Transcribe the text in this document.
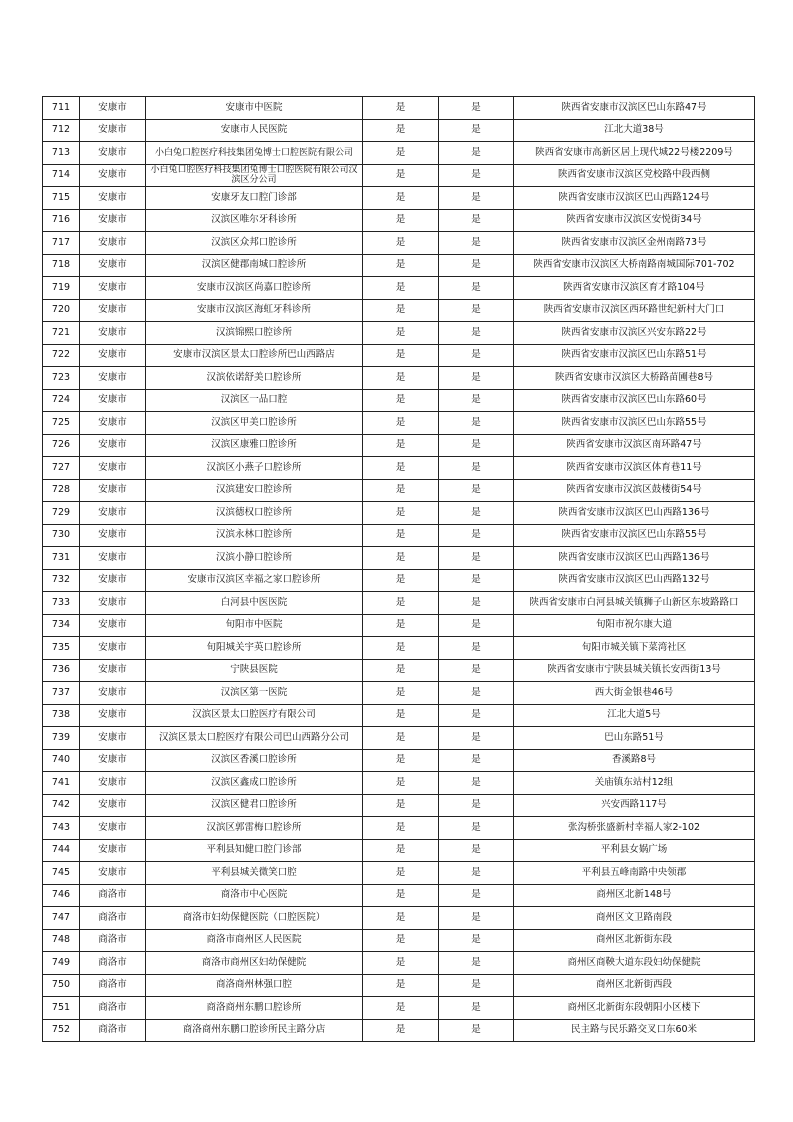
711	安康市	安康市中医院	是	是	陕西省安康市汉滨区巴山东路47号
712	安康市	安康市人民医院	是	是	江北大道38号
713	安康市	小白兔口腔医疗科技集团兔博士口腔医院有限公司	是	是	陕西省安康市高新区居上现代城22号楼2209号
714	安康市	小白兔口腔医疗科技集团兔博士口腔医院有限公司汉滨区分公司	是	是	陕西省安康市汉滨区党校路中段西侧
715	安康市	安康牙友口腔门诊部	是	是	陕西省安康市汉滨区巴山西路124号
716	安康市	汉滨区唯尔牙科诊所	是	是	陕西省安康市汉滨区安悦街34号
717	安康市	汉滨区众邦口腔诊所	是	是	陕西省安康市汉滨区金州南路73号
718	安康市	汉滨区健郡南城口腔诊所	是	是	陕西省安康市汉滨区大桥南路南城国际701-702
719	安康市	安康市汉滨区尚嘉口腔诊所	是	是	陕西省安康市汉滨区育才路104号
720	安康市	安康市汉滨区海虹牙科诊所	是	是	陕西省安康市汉滨区西环路世纪新村大门口
721	安康市	汉滨锦熙口腔诊所	是	是	陕西省安康市汉滨区兴安东路22号
722	安康市	安康市汉滨区景太口腔诊所巴山西路店	是	是	陕西省安康市汉滨区巴山东路51号
723	安康市	汉滨依诺舒美口腔诊所	是	是	陕西省安康市汉滨区大桥路苗圃巷8号
724	安康市	汉滨区一品口腔	是	是	陕西省安康市汉滨区巴山东路60号
725	安康市	汉滨区甲美口腔诊所	是	是	陕西省安康市汉滨区巴山东路55号
726	安康市	汉滨区康雅口腔诊所	是	是	陕西省安康市汉滨区南环路47号
727	安康市	汉滨区小燕子口腔诊所	是	是	陕西省安康市汉滨区体育巷11号
728	安康市	汉滨建安口腔诊所	是	是	陕西省安康市汉滨区鼓楼街54号
729	安康市	汉滨德权口腔诊所	是	是	陕西省安康市汉滨区巴山西路136号
730	安康市	汉滨永林口腔诊所	是	是	陕西省安康市汉滨区巴山东路55号
731	安康市	汉滨小静口腔诊所	是	是	陕西省安康市汉滨区巴山西路136号
732	安康市	安康市汉滨区幸福之家口腔诊所	是	是	陕西省安康市汉滨区巴山西路132号
733	安康市	白河县中医医院	是	是	陕西省安康市白河县城关镇狮子山新区东坡路路口
734	安康市	旬阳市中医院	是	是	旬阳市祝尔康大道
735	安康市	旬阳城关宇英口腔诊所	是	是	旬阳市城关镇下菜湾社区
736	安康市	宁陕县医院	是	是	陕西省安康市宁陕县城关镇长安西街13号
737	安康市	汉滨区第一医院	是	是	西大街金银巷46号
738	安康市	汉滨区景太口腔医疗有限公司	是	是	江北大道5号
739	安康市	汉滨区景太口腔医疗有限公司巴山西路分公司	是	是	巴山东路51号
740	安康市	汉滨区香溪口腔诊所	是	是	香溪路8号
741	安康市	汉滨区鑫成口腔诊所	是	是	关庙镇东站村12组
742	安康市	汉滨区健君口腔诊所	是	是	兴安西路117号
743	安康市	汉滨区郭雷梅口腔诊所	是	是	张沟桥张盛新村幸福人家2-102
744	安康市	平利县知健口腔门诊部	是	是	平利县女娲广场
745	安康市	平利县城关微笑口腔	是	是	平利县五峰南路中央领郡
746	商洛市	商洛市中心医院	是	是	商州区北新148号
747	商洛市	商洛市妇幼保健医院（口腔医院）	是	是	商州区文卫路南段
748	商洛市	商洛市商州区人民医院	是	是	商州区北新街东段
749	商洛市	商洛市商州区妇幼保健院	是	是	商州区商鞅大道东段妇幼保健院
750	商洛市	商洛商州林强口腔	是	是	商州区北新街西段
751	商洛市	商洛商州东鹏口腔诊所	是	是	商州区北新街东段朝阳小区楼下
752	商洛市	商洛商州东鹏口腔诊所民主路分店	是	是	民主路与民乐路交叉口东60米
